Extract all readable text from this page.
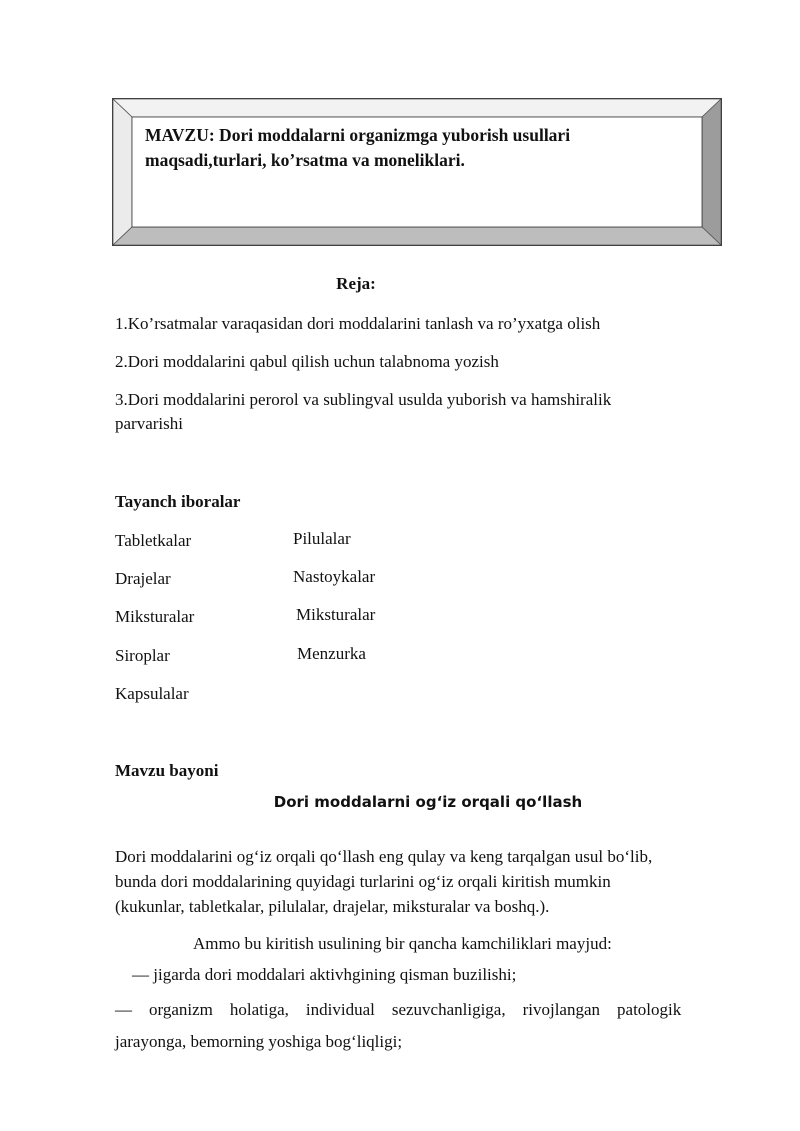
MAVZU: Dori moddalarni organizmga yuborish usullari maqsadi,turlari, ko’rsatma va moneliklari.
Reja:
1.Ko’rsatmalar varaqasidan dori moddalarini tanlash va ro’yxatga olish
2.Dori moddalarini qabul qilish uchun talabnoma yozish
3.Dori moddalarini perorol va sublingval usulda yuborish va hamshiralik
parvarishi
Tayanch iboralar
Tabletkalar	Pilulalar
Drajelar	Nastoykalar
Miksturalar	Miksturalar
Siroplar	Menzurka
Kapsulalar
Mavzu bayoni
Dori moddalarni og‘iz orqali qo‘llash
Dori moddalarini og‘iz orqali qo‘llash eng qulay va keng tarqalgan usul bo‘lib,
bunda dori moddalarining quyidagi turlarini og‘iz orqali kiritish mumkin
(kukunlar, tabletkalar, pilulalar, drajelar, miksturalar va boshq.).
Ammo bu kiritish usulining bir qancha kamchiliklari mayjud:
— jigarda dori moddalari aktivhgining qisman buzilishi;
—    organizm    holatiga,    individual    sezuvchanligiga,    rivojlangan    patologik
jarayonga, bemorning yoshiga bog‘liqligi;
